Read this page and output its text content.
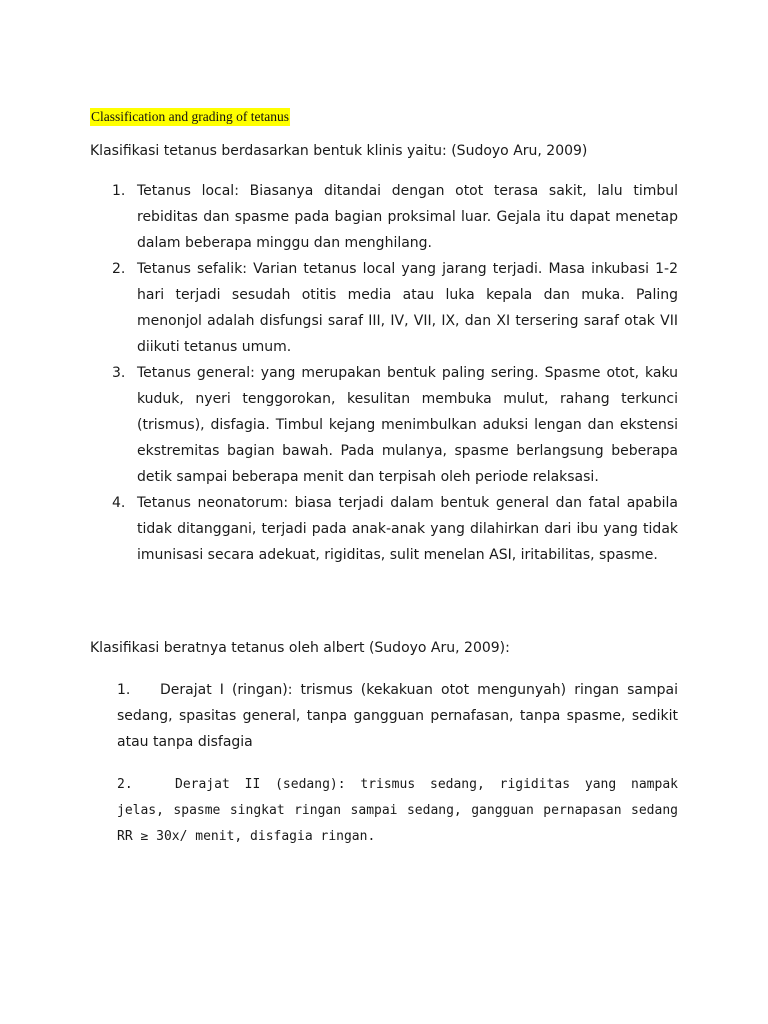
Classification and grading of tetanus
Klasifikasi tetanus berdasarkan bentuk klinis yaitu: (Sudoyo Aru, 2009)
1. Tetanus local: Biasanya ditandai dengan otot terasa sakit, lalu timbul rebiditas dan spasme pada bagian proksimal luar. Gejala itu dapat menetap dalam beberapa minggu dan menghilang.
2. Tetanus sefalik: Varian tetanus local yang jarang terjadi. Masa inkubasi 1-2 hari terjadi sesudah otitis media atau luka kepala dan muka. Paling menonjol adalah disfungsi saraf III, IV, VII, IX, dan XI tersering saraf otak VII diikuti tetanus umum.
3. Tetanus general: yang merupakan bentuk paling sering. Spasme otot, kaku kuduk, nyeri tenggorokan, kesulitan membuka mulut, rahang terkunci (trismus), disfagia. Timbul kejang menimbulkan aduksi lengan dan ekstensi ekstremitas bagian bawah. Pada mulanya, spasme berlangsung beberapa detik sampai beberapa menit dan terpisah oleh periode relaksasi.
4. Tetanus neonatorum: biasa terjadi dalam bentuk general dan fatal apabila tidak ditanggani, terjadi pada anak-anak yang dilahirkan dari ibu yang tidak imunisasi secara adekuat, rigiditas, sulit menelan ASI, iritabilitas, spasme.
Klasifikasi beratnya tetanus oleh albert (Sudoyo Aru, 2009):

1. Derajat I (ringan): trismus (kekakuan otot mengunyah) ringan sampai sedang, spasitas general, tanpa gangguan pernafasan, tanpa spasme, sedikit atau tanpa disfagia

2.	Derajat II (sedang): trismus sedang, rigiditas yang nampak jelas, spasme singkat ringan sampai sedang, gangguan pernapasan sedang RR ≥ 30x/ menit, disfagia ringan.
